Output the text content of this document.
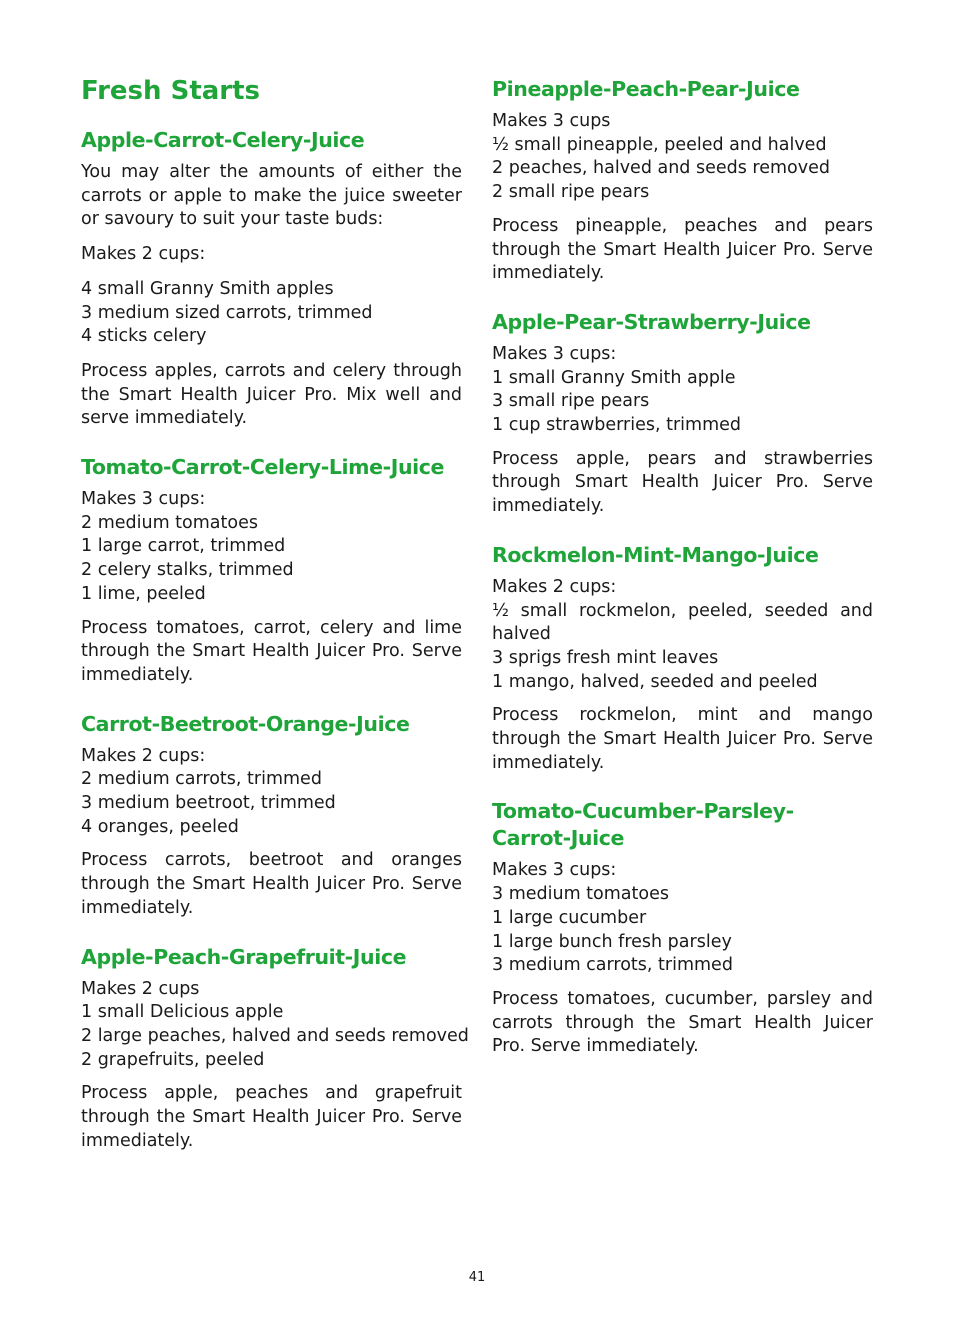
Fresh Starts
Apple-Carrot-Celery-Juice

You may alter the amounts of either the carrots or apple to make the juice sweeter or savoury to suit your taste buds:

Makes 2 cups:

4 small Granny Smith apples
3 medium sized carrots, trimmed
4 sticks celery

Process apples, carrots and celery through the Smart Health Juicer Pro. Mix well and serve immediately.

Tomato-Carrot-Celery-Lime-Juice
Makes 3 cups:
2 medium tomatoes
1 large carrot, trimmed
2 celery stalks, trimmed
1 lime, peeled

Process tomatoes, carrot, celery and lime through the Smart Health Juicer Pro. Serve immediately.

Carrot-Beetroot-Orange-Juice
Makes 2 cups:
2 medium carrots, trimmed
3 medium beetroot, trimmed
4 oranges, peeled

Process carrots, beetroot and oranges through the Smart Health Juicer Pro. Serve immediately.

Apple-Peach-Grapefruit-Juice
Makes 2 cups
1 small Delicious apple
2 large peaches, halved and seeds removed
2 grapefruits, peeled

Process apple, peaches and grapefruit through the Smart Health Juicer Pro. Serve immediately.

Pineapple-Peach-Pear-Juice
Makes 3 cups
½ small pineapple, peeled and halved
2 peaches, halved and seeds removed
2 small ripe pears

Process pineapple, peaches and pears through the Smart Health Juicer Pro. Serve immediately.

Apple-Pear-Strawberry-Juice
Makes 3 cups:
1 small Granny Smith apple
3 small ripe pears
1 cup strawberries, trimmed

Process apple, pears and strawberries through Smart Health Juicer Pro. Serve immediately.

Rockmelon-Mint-Mango-Juice
Makes 2 cups:
½ small rockmelon, peeled, seeded and halved
3 sprigs fresh mint leaves
1 mango, halved, seeded and peeled

Process rockmelon, mint and mango through the Smart Health Juicer Pro. Serve immediately.

Tomato-Cucumber-Parsley-
Carrot-Juice
Makes 3 cups:
3 medium tomatoes
1 large cucumber
1 large bunch fresh parsley
3 medium carrots, trimmed

Process tomatoes, cucumber, parsley and carrots through the Smart Health Juicer Pro. Serve immediately.

41
